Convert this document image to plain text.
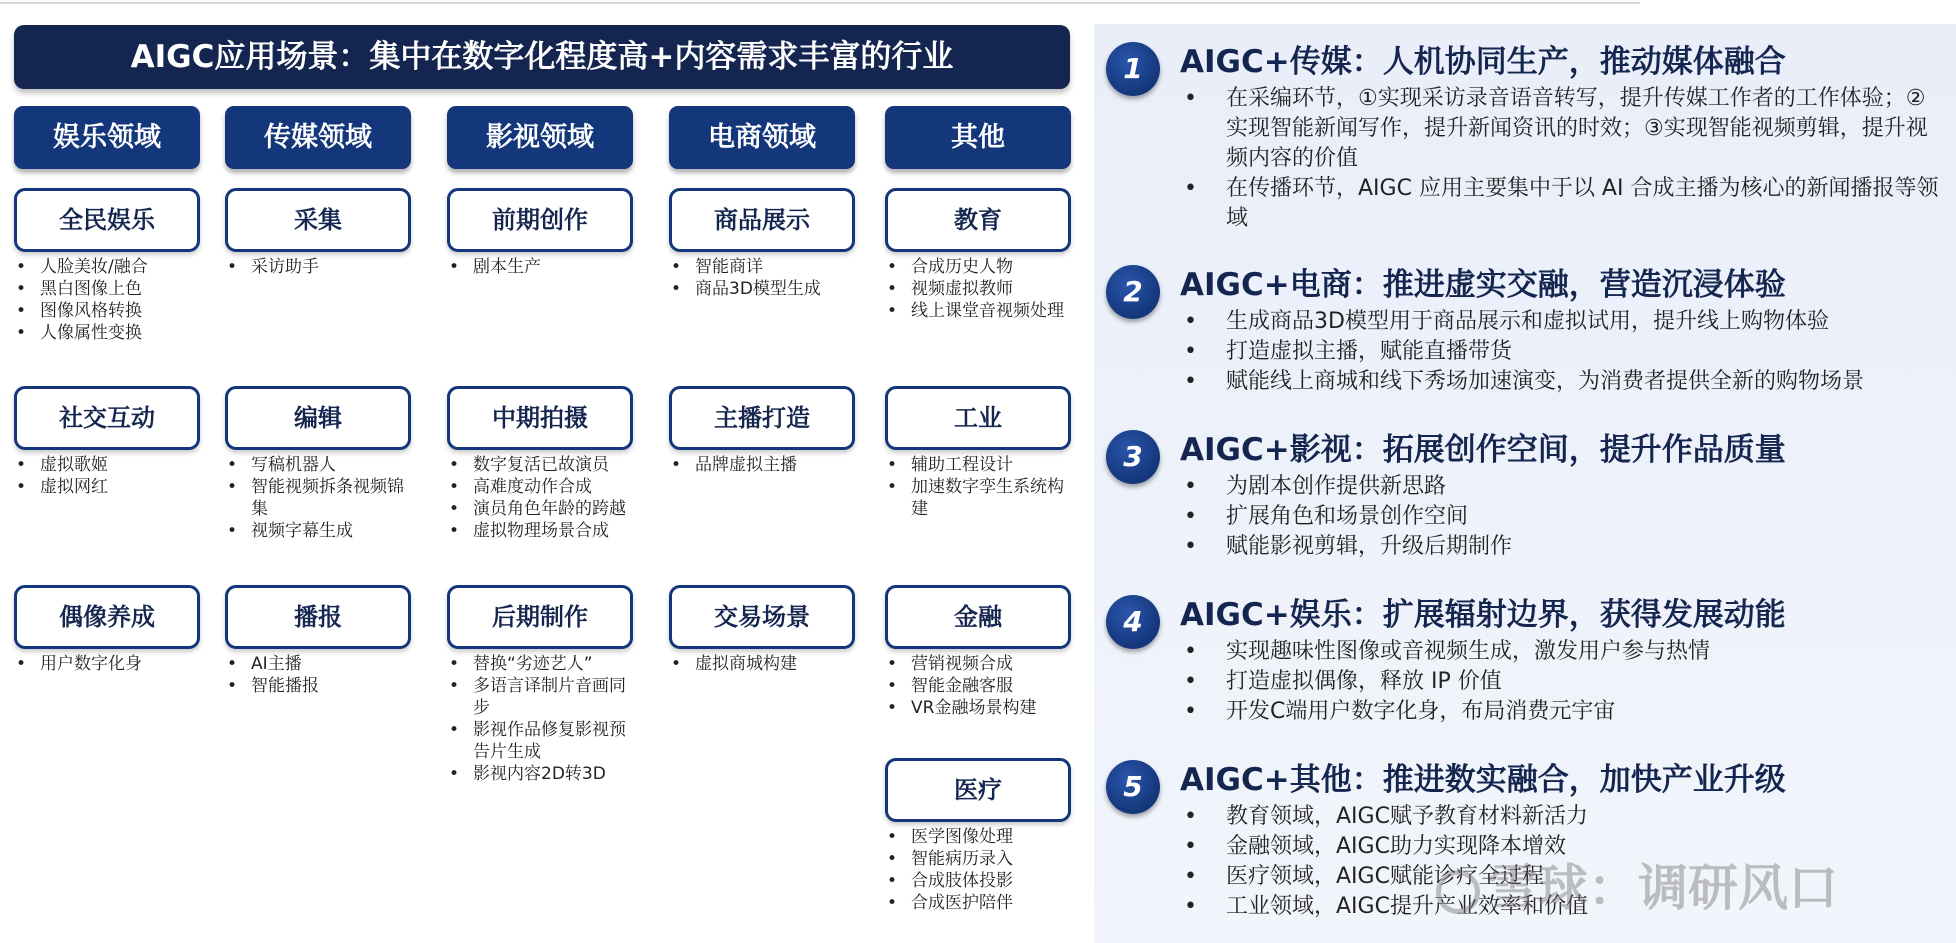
AIGC应用场景：集中在数字化程度高+内容需求丰富的行业
娱乐领域
全民娱乐
• 人脸美妆/融合
• 黑白图像上色
• 图像风格转换
• 人像属性变换
社交互动
• 虚拟歌姬
• 虚拟网红
偶像养成
• 用户数字化身
传媒领域
采集
• 采访助手
编辑
• 写稿机器人
• 智能视频拆条视频锦集
• 视频字幕生成
播报
• AI主播
• 智能播报
影视领域
前期创作
• 剧本生产
中期拍摄
• 数字复活已故演员
• 高难度动作合成
• 演员角色年龄的跨越
• 虚拟物理场景合成
后期制作
• 替换“劣迹艺人”
• 多语言译制片音画同步
• 影视作品修复影视预告片生成
• 影视内容2D转3D
电商领域
商品展示
• 智能商详
• 商品3D模型生成
主播打造
• 品牌虚拟主播
交易场景
• 虚拟商城构建
其他
教育
• 合成历史人物
• 视频虚拟教师
• 线上课堂音视频处理
工业
• 辅助工程设计
• 加速数字孪生系统构建
金融
• 营销视频合成
• 智能金融客服
• VR金融场景构建
医疗
• 医学图像处理
• 智能病历录入
• 合成肢体投影
• 合成医护陪伴
1	AIGC+传媒：人机协同生产，推动媒体融合
• 在采编环节，①实现采访录音语音转写，提升传媒工作者的工作体验；②实现智能新闻写作，提升新闻资讯的时效；③实现智能视频剪辑，提升视频内容的价值
• 在传播环节，AIGC 应用主要集中于以 AI 合成主播为核心的新闻播报等领域
2	AIGC+电商：推进虚实交融，营造沉浸体验
• 生成商品3D模型用于商品展示和虚拟试用，提升线上购物体验
• 打造虚拟主播，赋能直播带货
• 赋能线上商城和线下秀场加速演变，为消费者提供全新的购物场景
3	AIGC+影视：拓展创作空间，提升作品质量
• 为剧本创作提供新思路
• 扩展角色和场景创作空间
• 赋能影视剪辑，升级后期制作
4	AIGC+娱乐：扩展辐射边界，获得发展动能
• 实现趣味性图像或音视频生成，激发用户参与热情
• 打造虚拟偶像，释放 IP 价值
• 开发C端用户数字化身，布局消费元宇宙
5	AIGC+其他：推进数实融合，加快产业升级
• 教育领域，AIGC赋予教育材料新活力
• 金融领域，AIGC助力实现降本增效
• 医疗领域，AIGC赋能诊疗全过程
• 工业领域，AIGC提升产业效率和价值
雪球：调研风口
